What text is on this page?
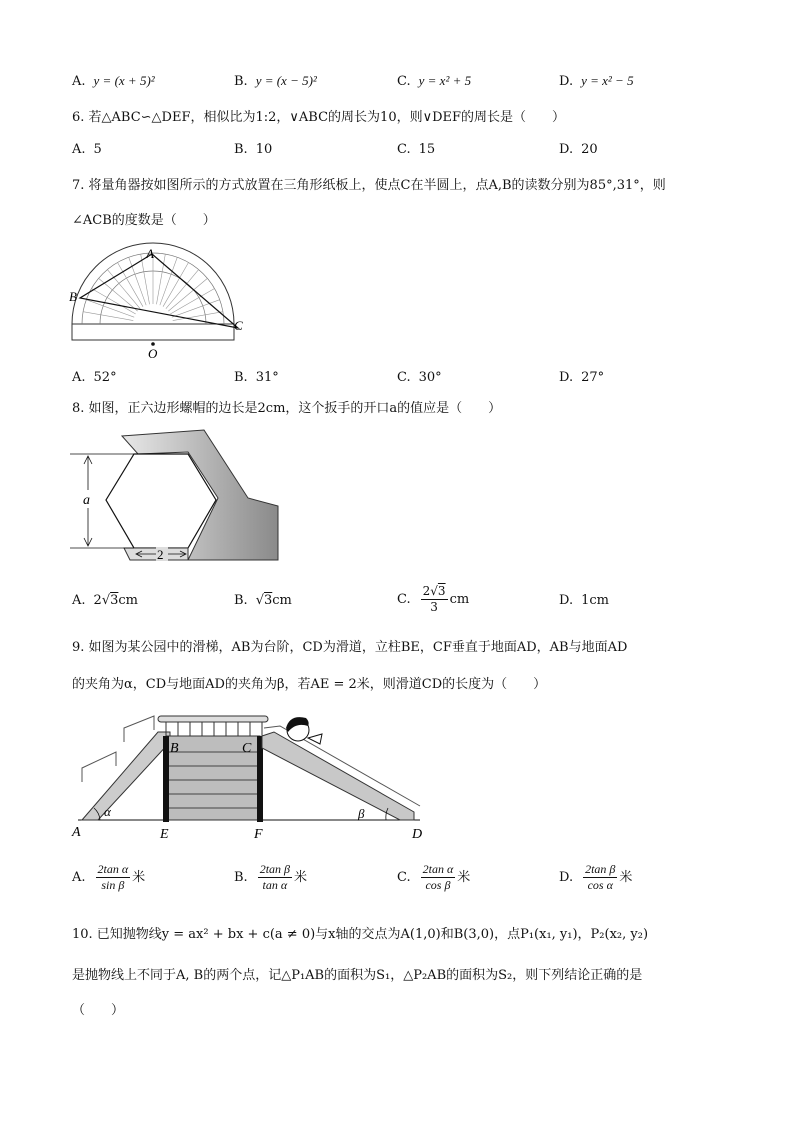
A. y = (x + 5)²	B. y = (x − 5)²	C. y = x² + 5	D. y = x² − 5
6. 若△ABC∽△DEF，相似比为1:2，∨ABC的周长为10，则∨DEF的周长是（　　）
A. 5	B. 10	C. 15	D. 20
7. 将量角器按如图所示的方式放置在三角形纸板上，使点C在半圆上，点A,B的读数分别为85°,31°，则
∠ACB的度数是（　　）
A
B
C
O
A. 52°	B. 31°	C. 30°	D. 27°
8. 如图，正六边形螺帽的边长是2cm，这个扳手的开口a的值应是（　　）
a
2
A. 2√3cm	B. √3cm	C. $\frac{2√3}{3}$ cm	D. 1cm
9. 如图为某公园中的滑梯，AB为台阶，CD为滑道，立柱BE，CF垂直于地面AD，AB与地面AD
的夹角为α，CD与地面AD的夹角为β，若AE = 2米，则滑道CD的长度为（　　）
A
B	C
D
E	F
α	β
A. $\frac{\text{2tan α}}{\text{sin β}}$ 米	B. $\frac{\text{2tan β}}{\text{tan α}}$ 米	C. $\frac{\text{2tan α}}{\text{cos β}}$ 米	D. $\frac{\text{2tan β}}{\text{cos α}}$ 米
10. 已知抛物线y = ax² + bx + c(a ≠ 0)与x轴的交点为A(1,0)和B(3,0)，点P₁(x₁, y₁)，P₂(x₂, y₂)
是抛物线上不同于A, B的两个点，记△P₁AB的面积为S₁，△P₂AB的面积为S₂，则下列结论正确的是
（　　）
